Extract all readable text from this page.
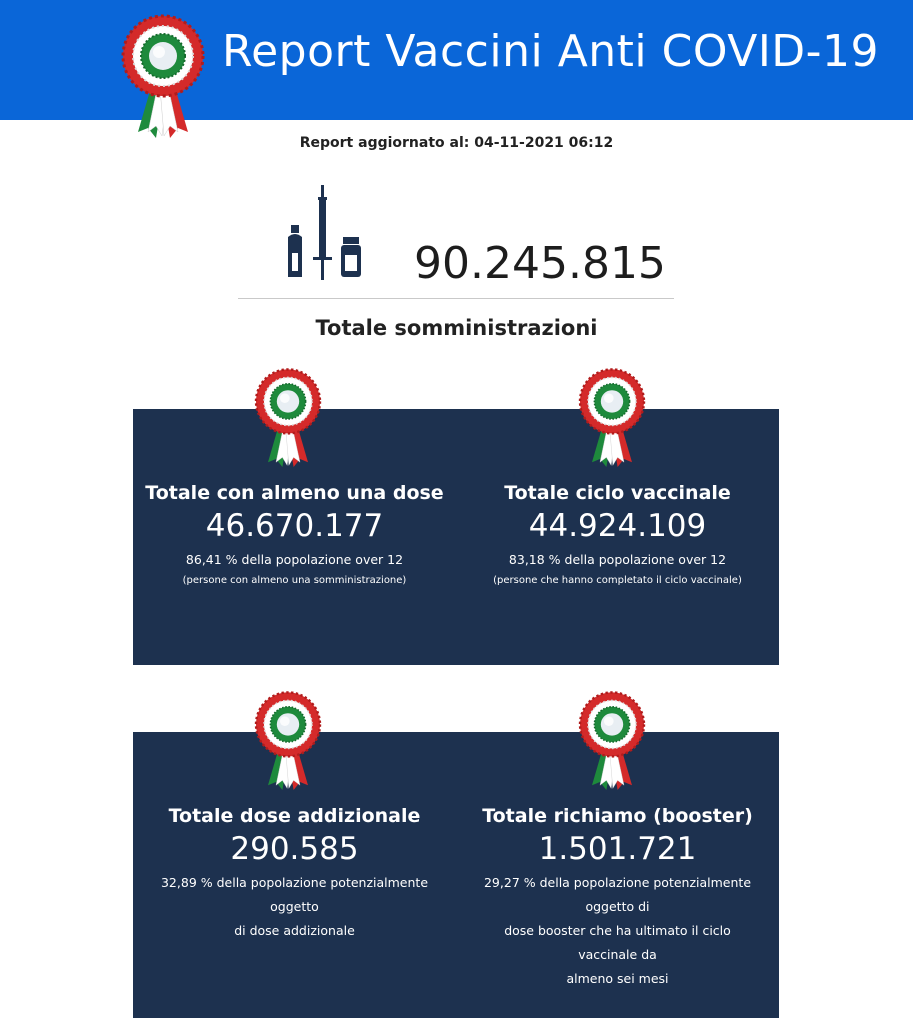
Report Vaccini Anti COVID-19
Report aggiornato al: 04-11-2021 06:12
90.245.815
Totale somministrazioni
Totale con almeno una dose
46.670.177
86,41 % della popolazione over 12
(persone con almeno una somministrazione)
Totale ciclo vaccinale
44.924.109
83,18 % della popolazione over 12
(persone che hanno completato il ciclo vaccinale)
Totale dose addizionale
290.585
32,89 % della popolazione potenzialmente
oggetto
di dose addizionale
Totale richiamo (booster)
1.501.721
29,27 % della popolazione potenzialmente
oggetto di
dose booster che ha ultimato il ciclo
vaccinale da
almeno sei mesi
